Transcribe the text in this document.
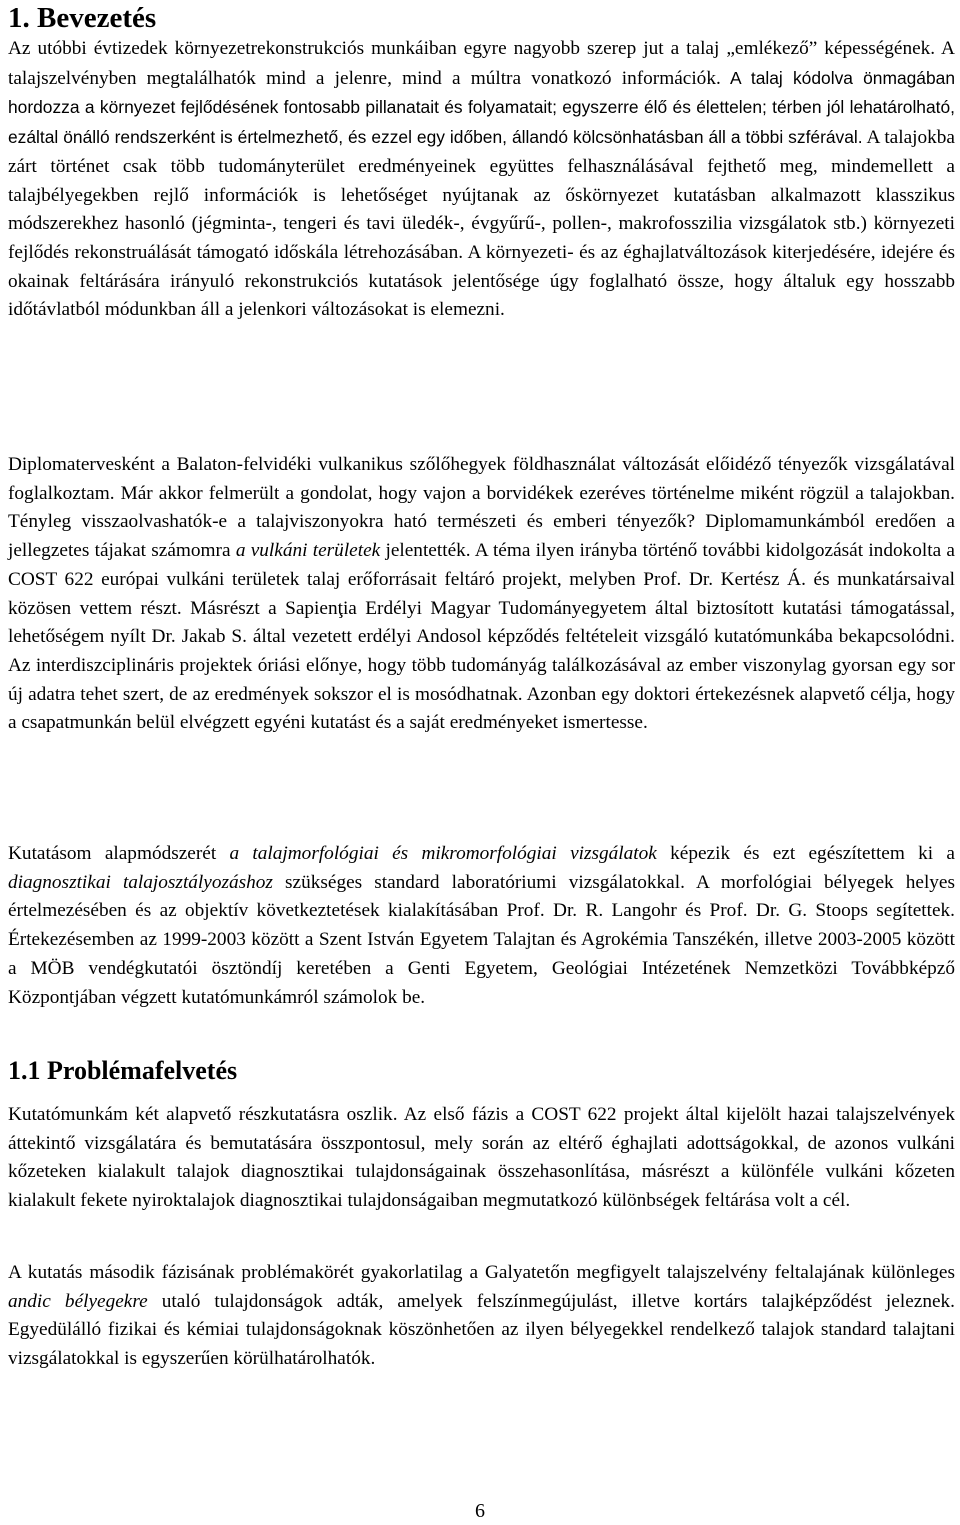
1. Bevezetés

Az utóbbi évtizedek környezetrekonstrukciós munkáiban egyre nagyobb szerep jut a talaj „emlékező” képességének. A talajszelvényben megtalálhatók mind a jelenre, mind a múltra vonatkozó információk. A talaj kódolva önmagában hordozza a környezet fejlődésének fontosabb pillanatait és folyamatait; egyszerre élő és élettelen; térben jól lehatárolható, ezáltal önálló rendszerként is értelmezhető, és ezzel egy időben, állandó kölcsönhatásban áll a többi szférával. A talajokba zárt történet csak több tudományterület eredményeinek együttes felhasználásával fejthető meg, mindemellett a talajbélyegekben rejlő információk is lehetőséget nyújtanak az őskörnyezet kutatásban alkalmazott klasszikus módszerekhez hasonló (jégminta-, tengeri és tavi üledék-, évgyűrű-, pollen-, makrofosszilia vizsgálatok stb.) környezeti fejlődés rekonstruálását támogató időskála létrehozásában. A környezeti- és az éghajlatváltozások kiterjedésére, idejére és okainak feltárására irányuló rekonstrukciós kutatások jelentősége úgy foglalható össze, hogy általuk egy hosszabb időtávlatból módunkban áll a jelenkori változásokat is elemezni.

Diplomatervesként a Balaton-felvidéki vulkanikus szőlőhegyek földhasználat változását előidéző tényezők vizsgálatával foglalkoztam. Már akkor felmerült a gondolat, hogy vajon a borvidékek ezeréves történelme miként rögzül a talajokban. Tényleg visszaolvashatók-e a talajviszonyokra ható természeti és emberi tényezők? Diplomamunkámból eredően a jellegzetes tájakat számomra a vulkáni területek jelentették. A téma ilyen irányba történő további kidolgozását indokolta a COST 622 európai vulkáni területek talaj erőforrásait feltáró projekt, melyben Prof. Dr. Kertész Á. és munkatársaival közösen vettem részt. Másrészt a Sapienţia Erdélyi Magyar Tudományegyetem által biztosított kutatási támogatással, lehetőségem nyílt Dr. Jakab S. által vezetett erdélyi Andosol képződés feltételeit vizsgáló kutatómunkába bekapcsolódni. Az interdiszciplináris projektek óriási előnye, hogy több tudományág találkozásával az ember viszonylag gyorsan egy sor új adatra tehet szert, de az eredmények sokszor el is mosódhatnak. Azonban egy doktori értekezésnek alapvető célja, hogy a csapatmunkán belül elvégzett egyéni kutatást és a saját eredményeket ismertesse.

Kutatásom alapmódszerét a talajmorfológiai és mikromorfológiai vizsgálatok képezik és ezt egészítettem ki a diagnosztikai talajosztályozáshoz szükséges standard laboratóriumi vizsgálatokkal. A morfológiai bélyegek helyes értelmezésében és az objektív következtetések kialakításában Prof. Dr. R. Langohr és Prof. Dr. G. Stoops segítettek. Értekezésemben az 1999-2003 között a Szent István Egyetem Talajtan és Agrokémia Tanszékén, illetve 2003-2005 között a MÖB vendégkutatói ösztöndíj keretében a Genti Egyetem, Geológiai Intézetének Nemzetközi Továbbképző Központjában végzett kutatómunkámról számolok be.

1.1 Problémafelvetés

Kutatómunkám két alapvető részkutatásra oszlik. Az első fázis a COST 622 projekt által kijelölt hazai talajszelvények áttekintő vizsgálatára és bemutatására összpontosul, mely során az eltérő éghajlati adottságokkal, de azonos vulkáni kőzeteken kialakult talajok diagnosztikai tulajdonságainak összehasonlítása, másrészt a különféle vulkáni kőzeten kialakult fekete nyiroktalajok diagnosztikai tulajdonságaiban megmutatkozó különbségek feltárása volt a cél.

A kutatás második fázisának problémakörét gyakorlatilag a Galyatetőn megfigyelt talajszelvény feltalajának különleges andic bélyegekre utaló tulajdonságok adták, amelyek felszínmegújulást, illetve kortárs talajképződést jeleznek. Egyedülálló fizikai és kémiai tulajdonságoknak köszönhetően az ilyen bélyegekkel rendelkező talajok standard talajtani vizsgálatokkal is egyszerűen körülhatárolhatók.

6
